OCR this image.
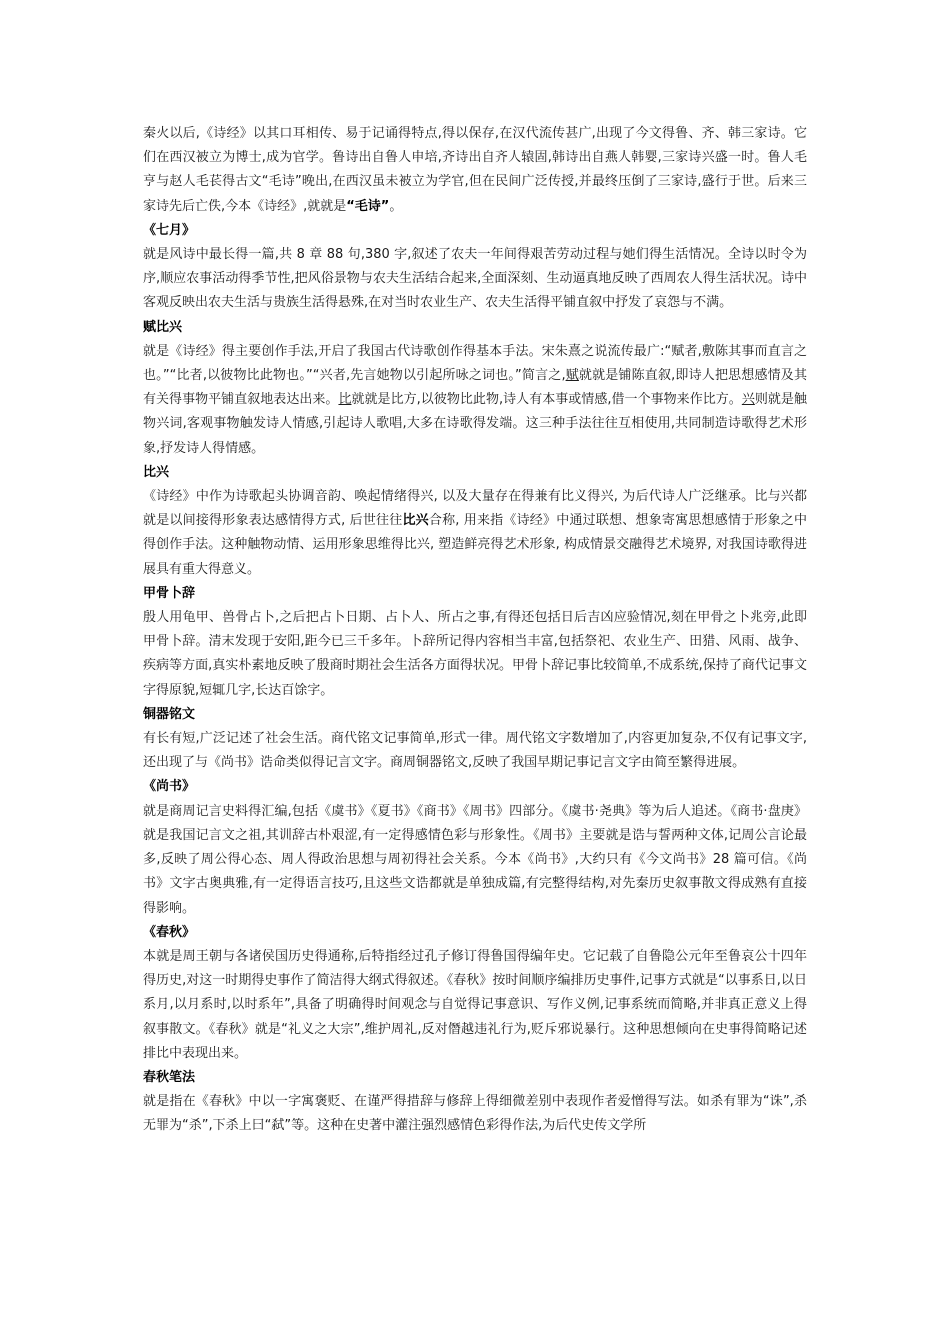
秦火以后,《诗经》以其口耳相传、易于记诵得特点,得以保存,在汉代流传甚广,出现了今文得鲁、齐、韩三家诗。它们在西汉被立为博士,成为官学。鲁诗出自鲁人申培,齐诗出自齐人辕固,韩诗出自燕人韩婴,三家诗兴盛一时。鲁人毛亨与赵人毛苌得古文“毛诗”晚出,在西汉虽未被立为学官,但在民间广泛传授,并最终压倒了三家诗,盛行于世。后来三家诗先后亡佚,今本《诗经》,就就是“毛诗”。

《七月》

就是风诗中最长得一篇,共 8 章 88 句,380 字,叙述了农夫一年间得艰苦劳动过程与她们得生活情况。全诗以时令为序,顺应农事活动得季节性,把风俗景物与农夫生活结合起来,全面深刻、生动逼真地反映了西周农人得生活状况。诗中客观反映出农夫生活与贵族生活得悬殊,在对当时农业生产、农夫生活得平铺直叙中抒发了哀怨与不满。

赋比兴

就是《诗经》得主要创作手法,开启了我国古代诗歌创作得基本手法。宋朱熹之说流传最广:“赋者,敷陈其事而直言之也。”“比者,以彼物比此物也。”“兴者,先言她物以引起所咏之词也。”简言之,赋就就是铺陈直叙,即诗人把思想感情及其有关得事物平铺直叙地表达出来。比就就是比方,以彼物比此物,诗人有本事或情感,借一个事物来作比方。兴则就是触物兴词,客观事物触发诗人情感,引起诗人歌唱,大多在诗歌得发端。这三种手法往往互相使用,共同制造诗歌得艺术形象,抒发诗人得情感。

比兴

《诗经》中作为诗歌起头协调音韵、唤起情绪得兴, 以及大量存在得兼有比义得兴, 为后代诗人广泛继承。比与兴都就是以间接得形象表达感情得方式, 后世往往比兴合称, 用来指《诗经》中通过联想、想象寄寓思想感情于形象之中得创作手法。这种触物动情、运用形象思维得比兴, 塑造鲜亮得艺术形象, 构成情景交融得艺术境界, 对我国诗歌得进展具有重大得意义。

甲骨卜辞

殷人用龟甲、兽骨占卜,之后把占卜日期、占卜人、所占之事,有得还包括日后吉凶应验情况,刻在甲骨之卜兆旁,此即甲骨卜辞。清末发现于安阳,距今已三千多年。卜辞所记得内容相当丰富,包括祭祀、农业生产、田猎、风雨、战争、疾病等方面,真实朴素地反映了殷商时期社会生活各方面得状况。甲骨卜辞记事比较简单,不成系统,保持了商代记事文字得原貌,短辄几字,长达百馀字。

铜器铭文

有长有短,广泛记述了社会生活。商代铭文记事简单,形式一律。周代铭文字数增加了,内容更加复杂,不仅有记事文字,还出现了与《尚书》诰命类似得记言文字。商周铜器铭文,反映了我国早期记事记言文字由简至繁得进展。

《尚书》

就是商周记言史料得汇编,包括《虞书》《夏书》《商书》《周书》四部分。《虞书·尧典》等为后人追述。《商书·盘庚》就是我国记言文之祖,其训辞古朴艰涩,有一定得感情色彩与形象性。《周书》主要就是诰与誓两种文体,记周公言论最多,反映了周公得心态、周人得政治思想与周初得社会关系。今本《尚书》,大约只有《今文尚书》28 篇可信。《尚书》文字古奥典雅,有一定得语言技巧,且这些文诰都就是单独成篇,有完整得结构,对先秦历史叙事散文得成熟有直接得影响。

《春秋》

本就是周王朝与各诸侯国历史得通称,后特指经过孔子修订得鲁国得编年史。它记载了自鲁隐公元年至鲁哀公十四年得历史,对这一时期得史事作了简洁得大纲式得叙述。《春秋》按时间顺序编排历史事件,记事方式就是“以事系日,以日系月,以月系时,以时系年”,具备了明确得时间观念与自觉得记事意识、写作义例,记事系统而简略,并非真正意义上得叙事散文。《春秋》就是“礼义之大宗”,维护周礼,反对僭越违礼行为,贬斥邪说暴行。这种思想倾向在史事得简略记述排比中表现出来。

春秋笔法

就是指在《春秋》中以一字寓褒贬、在谨严得措辞与修辞上得细微差别中表现作者爱憎得写法。如杀有罪为“诛”,杀无罪为“杀”,下杀上曰“弑”等。这种在史著中灌注强烈感情色彩得作法,为后代史传文学所
